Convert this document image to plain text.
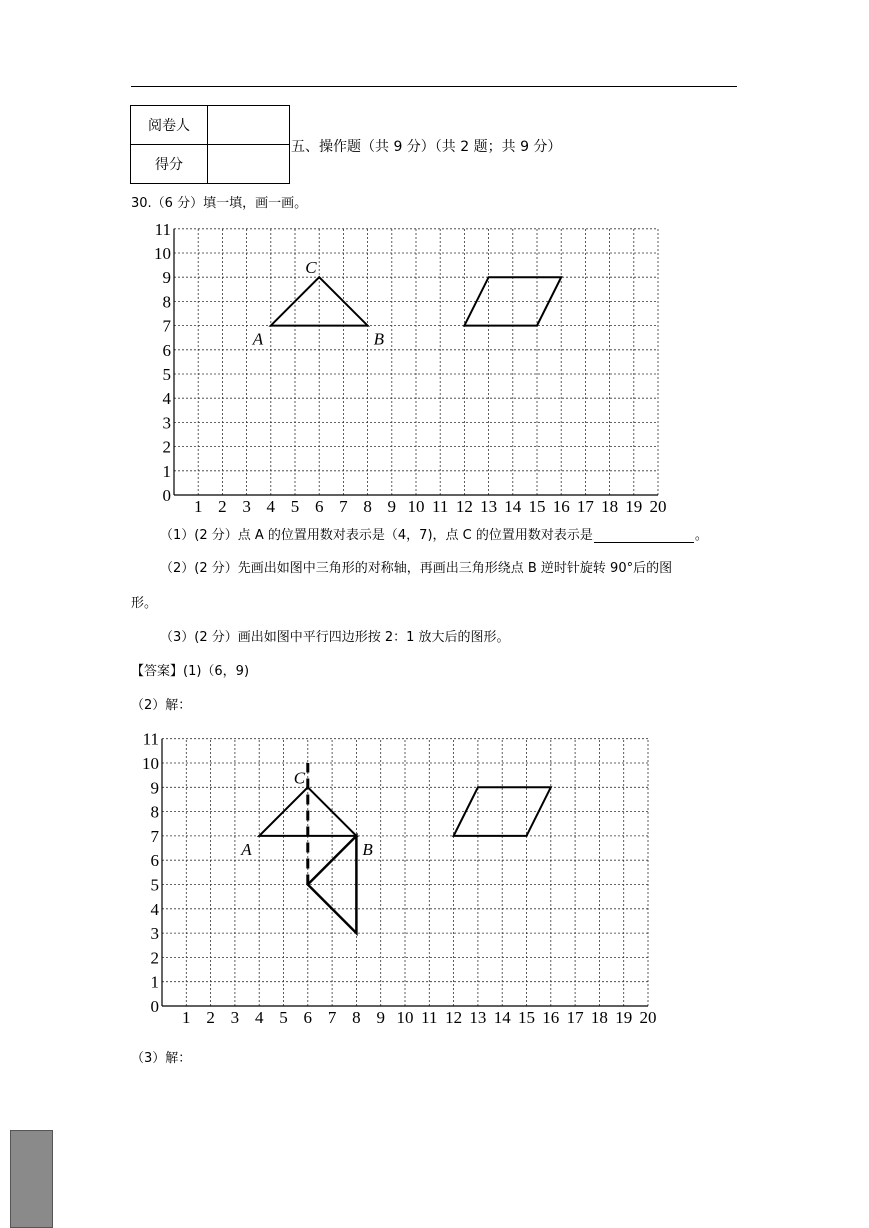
阅卷人	
得分	
五、操作题（共 9 分）（共 2 题；共 9 分）
30.（6 分）填一填，画一画。
1 2 3 4 5 6 7 8 9 10 11 12 13 14 15 16 17 18 19 20
0
1
2
3
4
5
6
7
8
9
10
11
A	B
C
（1）(2 分）点 A 的位置用数对表示是（4，7)，点 C 的位置用数对表示是	。
（2）(2 分）先画出如图中三角形的对称轴，再画出三角形绕点 B 逆时针旋转 90°后的图
形。
（3）(2 分）画出如图中平行四边形按 2：1 放大后的图形。
【答案】(1)（6，9)
（2）解：
1 2 3 4 5 6 7 8 9 10 11 12 13 14 15 16 17 18 19 20
0
1
2
3
4
5
6
7
8
9
10
11
A	B
C
（3）解：
